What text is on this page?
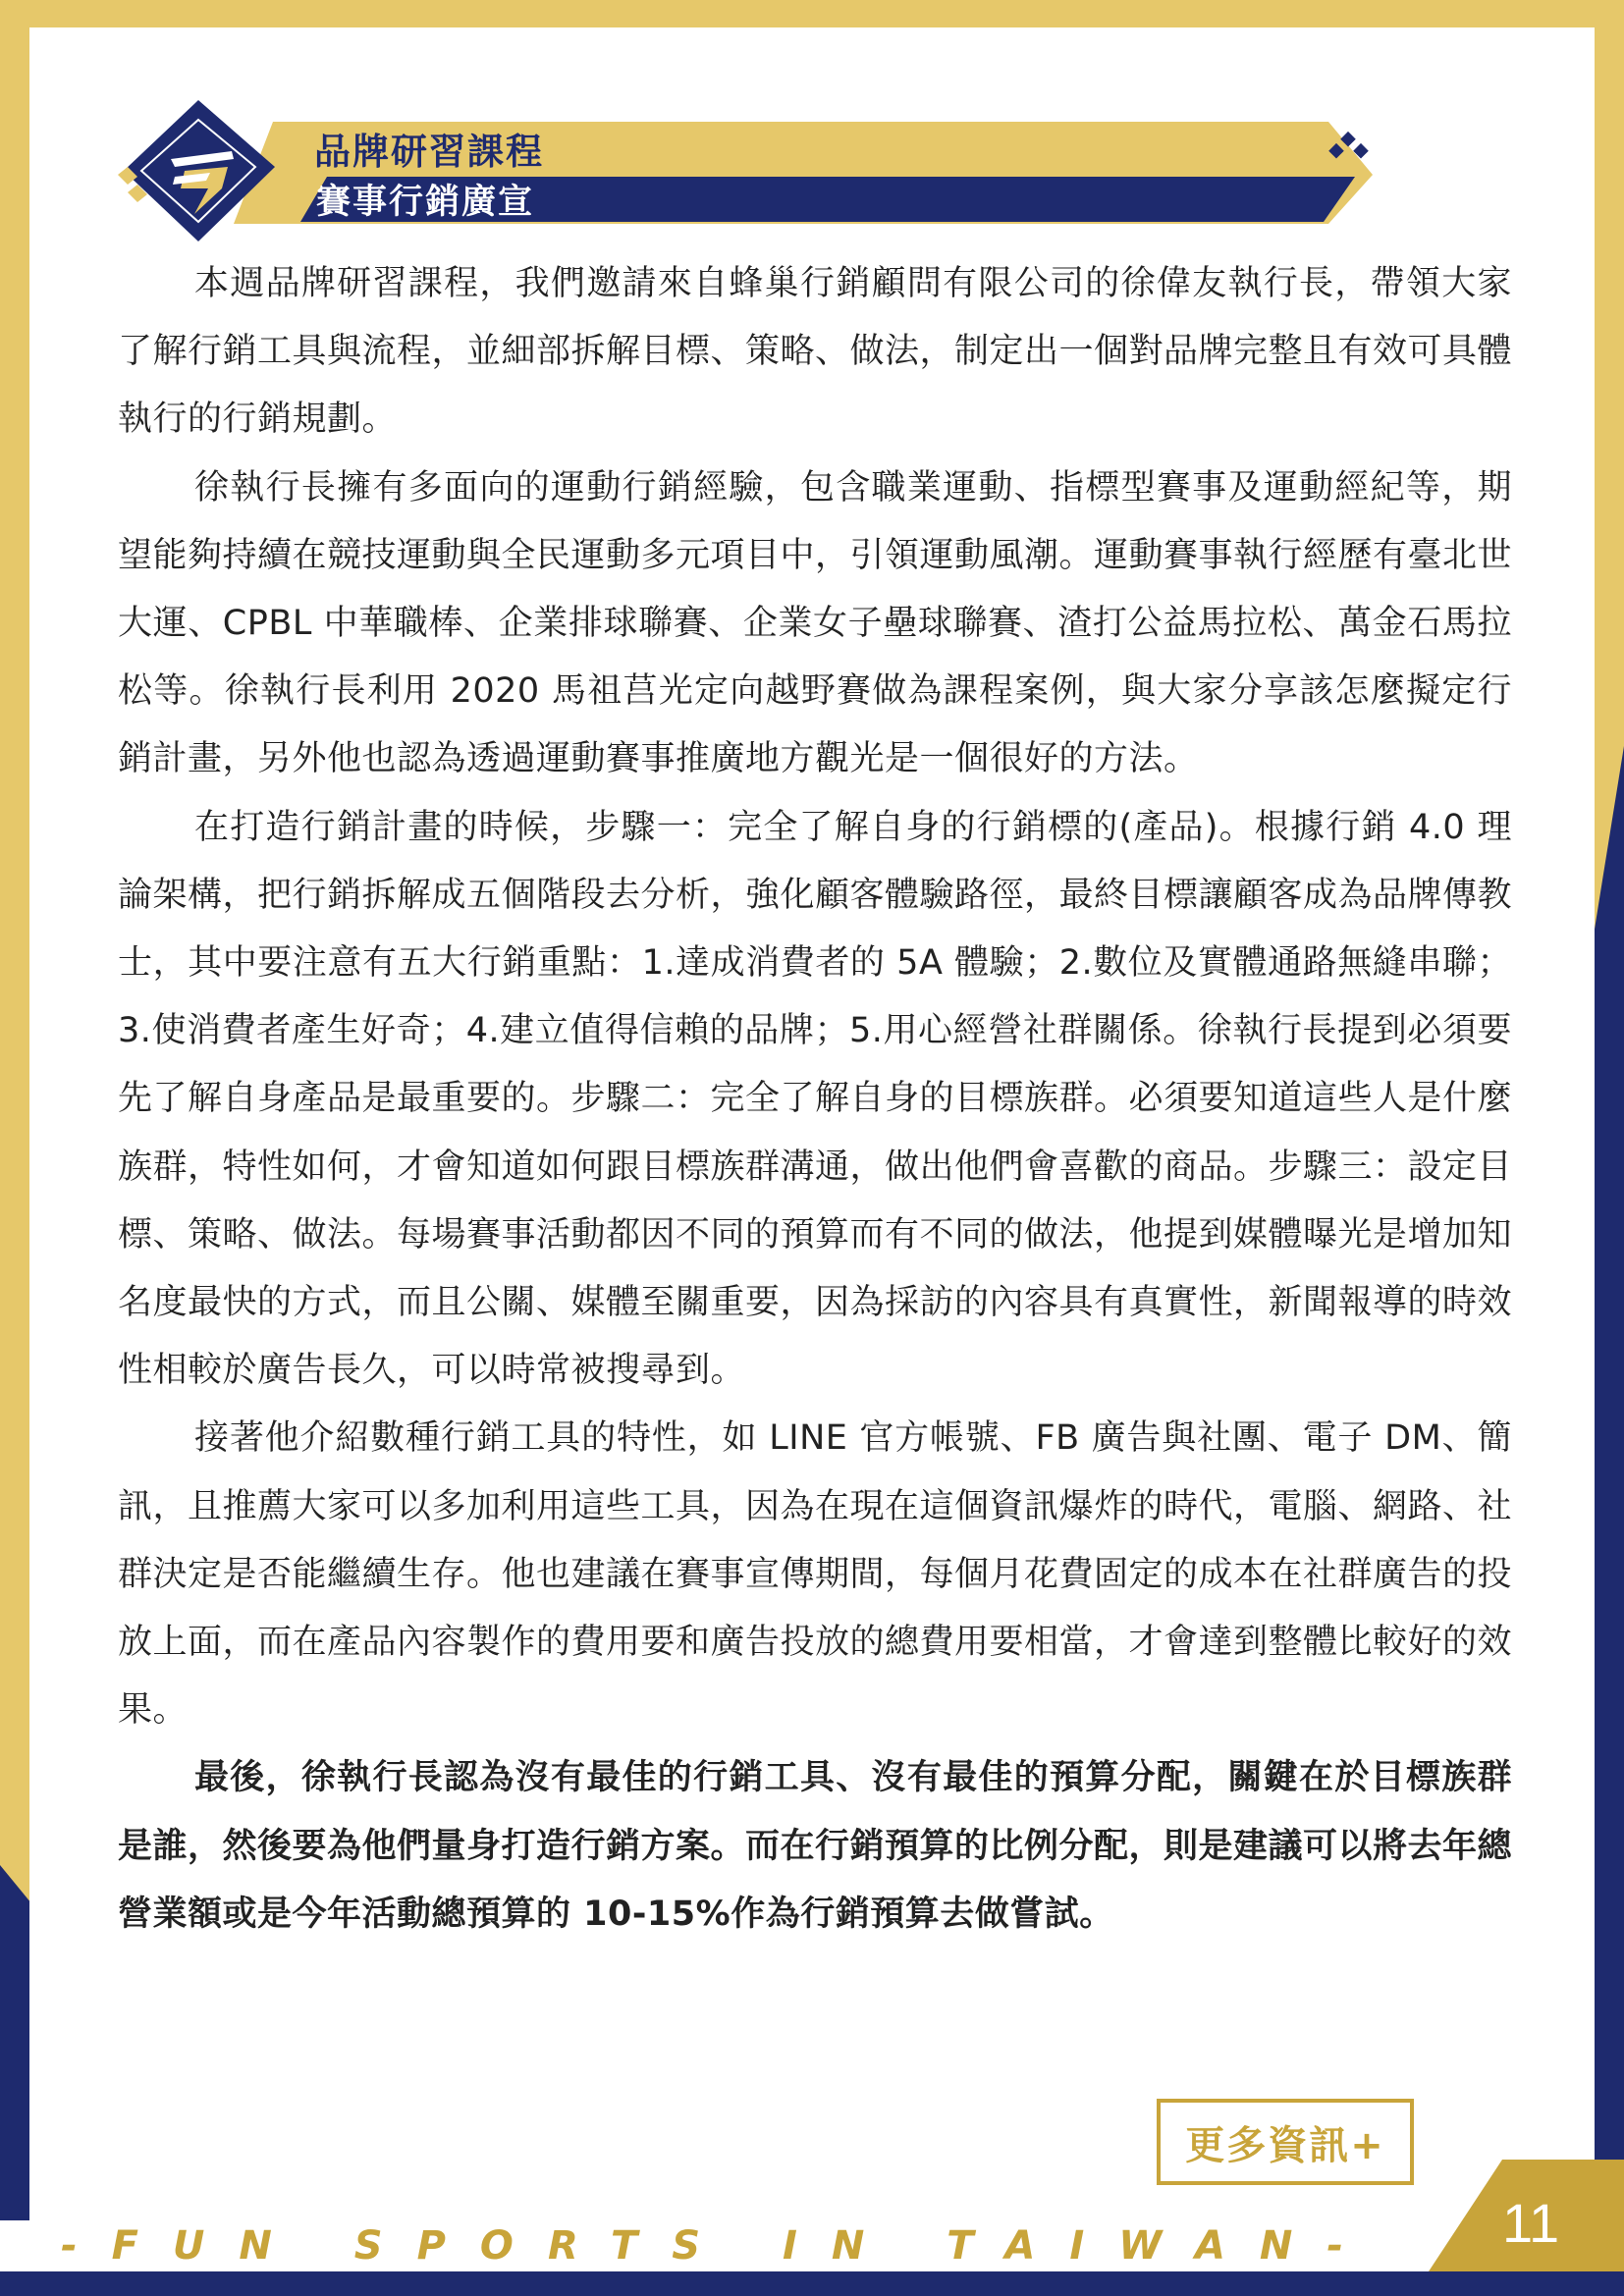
品牌研習課程
賽事行銷廣宣

本週品牌研習課程，我們邀請來自蜂巢行銷顧問有限公司的徐偉友執行長，帶領大家了解行銷工具與流程，並細部拆解目標、策略、做法，制定出一個對品牌完整且有效可具體執行的行銷規劃。

徐執行長擁有多面向的運動行銷經驗，包含職業運動、指標型賽事及運動經紀等，期望能夠持續在競技運動與全民運動多元項目中，引領運動風潮。運動賽事執行經歷有臺北世大運、CPBL 中華職棒、企業排球聯賽、企業女子壘球聯賽、渣打公益馬拉松、萬金石馬拉松等。徐執行長利用 2020 馬祖莒光定向越野賽做為課程案例，與大家分享該怎麼擬定行銷計畫，另外他也認為透過運動賽事推廣地方觀光是一個很好的方法。

在打造行銷計畫的時候，步驟一：完全了解自身的行銷標的(產品)。根據行銷 4.0 理論架構，把行銷拆解成五個階段去分析，強化顧客體驗路徑，最終目標讓顧客成為品牌傳教士，其中要注意有五大行銷重點：1.達成消費者的 5A 體驗；2.數位及實體通路無縫串聯；3.使消費者產生好奇；4.建立值得信賴的品牌；5.用心經營社群關係。徐執行長提到必須要先了解自身產品是最重要的。步驟二：完全了解自身的目標族群。必須要知道這些人是什麼族群，特性如何，才會知道如何跟目標族群溝通，做出他們會喜歡的商品。步驟三：設定目標、策略、做法。每場賽事活動都因不同的預算而有不同的做法，他提到媒體曝光是增加知名度最快的方式，而且公關、媒體至關重要，因為採訪的內容具有真實性，新聞報導的時效性相較於廣告長久，可以時常被搜尋到。

接著他介紹數種行銷工具的特性，如 LINE 官方帳號、FB 廣告與社團、電子 DM、簡訊，且推薦大家可以多加利用這些工具，因為在現在這個資訊爆炸的時代，電腦、網路、社群決定是否能繼續生存。他也建議在賽事宣傳期間，每個月花費固定的成本在社群廣告的投放上面，而在產品內容製作的費用要和廣告投放的總費用要相當，才會達到整體比較好的效果。

最後，徐執行長認為沒有最佳的行銷工具、沒有最佳的預算分配，關鍵在於目標族群是誰，然後要為他們量身打造行銷方案。而在行銷預算的比例分配，則是建議可以將去年總營業額或是今年活動總預算的 10-15%作為行銷預算去做嘗試。

更多資訊+
-FUN SPORTS IN TAIWAN-	11
